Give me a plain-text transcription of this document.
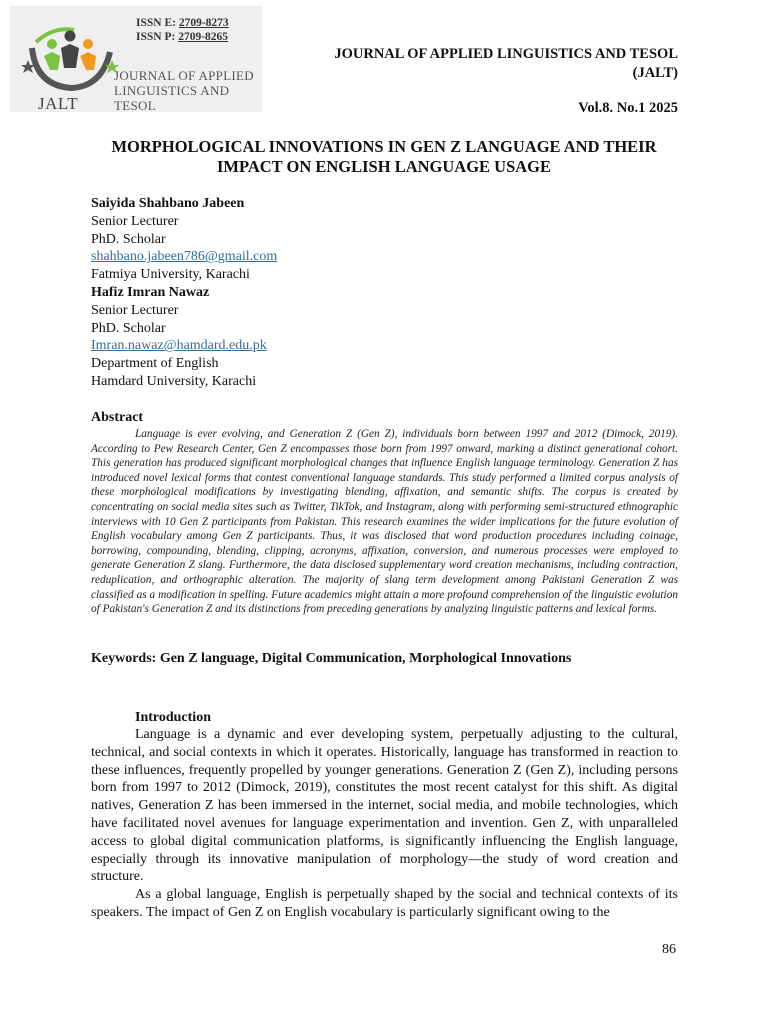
ISSN E: 2709-8273
ISSN P: 2709-8265
JOURNAL OF APPLIED LINGUISTICS AND TESOL
JALT
JOURNAL OF APPLIED LINGUISTICS AND TESOL
(JALT)
Vol.8. No.1 2025
MORPHOLOGICAL INNOVATIONS IN GEN Z LANGUAGE AND THEIR IMPACT ON ENGLISH LANGUAGE USAGE
Saiyida Shahbano Jabeen
Senior Lecturer
PhD. Scholar
shahbano.jabeen786@gmail.com
Fatmiya University, Karachi
Hafiz Imran Nawaz
Senior Lecturer
PhD. Scholar
Imran.nawaz@hamdard.edu.pk
Department of English
Hamdard University, Karachi
Abstract
Language is ever evolving, and Generation Z (Gen Z), individuals born between 1997 and 2012 (Dimock, 2019). According to Pew Research Center, Gen Z encompasses those born from 1997 onward, marking a distinct generational cohort. This generation has produced significant morphological changes that influence English language terminology. Generation Z has introduced novel lexical forms that contest conventional language standards. This study performed a limited corpus analysis of these morphological modifications by investigating blending, affixation, and semantic shifts. The corpus is created by concentrating on social media sites such as Twitter, TikTok, and Instagram, along with performing semi-structured ethnographic interviews with 10 Gen Z participants from Pakistan. This research examines the wider implications for the future evolution of English vocabulary among Gen Z participants. Thus, it was disclosed that word production procedures including coinage, borrowing, compounding, blending, clipping, acronyms, affixation, conversion, and numerous processes were employed to generate Generation Z slang. Furthermore, the data disclosed supplementary word creation mechanisms, including contraction, reduplication, and orthographic alteration. The majority of slang term development among Pakistani Generation Z was classified as a modification in spelling. Future academics might attain a more profound comprehension of the linguistic evolution of Pakistan's Generation Z and its distinctions from preceding generations by analyzing linguistic patterns and lexical forms.
Keywords: Gen Z language, Digital Communication, Morphological Innovations
Introduction

Language is a dynamic and ever developing system, perpetually adjusting to the cultural, technical, and social contexts in which it operates. Historically, language has transformed in reaction to these influences, frequently propelled by younger generations. Generation Z (Gen Z), including persons born from 1997 to 2012 (Dimock, 2019), constitutes the most recent catalyst for this shift. As digital natives, Generation Z has been immersed in the internet, social media, and mobile technologies, which have facilitated novel avenues for language experimentation and invention. Gen Z, with unparalleled access to global digital communication platforms, is significantly influencing the English language, especially through its innovative manipulation of morphology—the study of word creation and structure.

As a global language, English is perpetually shaped by the social and technical contexts of its speakers. The impact of Gen Z on English vocabulary is particularly significant owing to the

86
